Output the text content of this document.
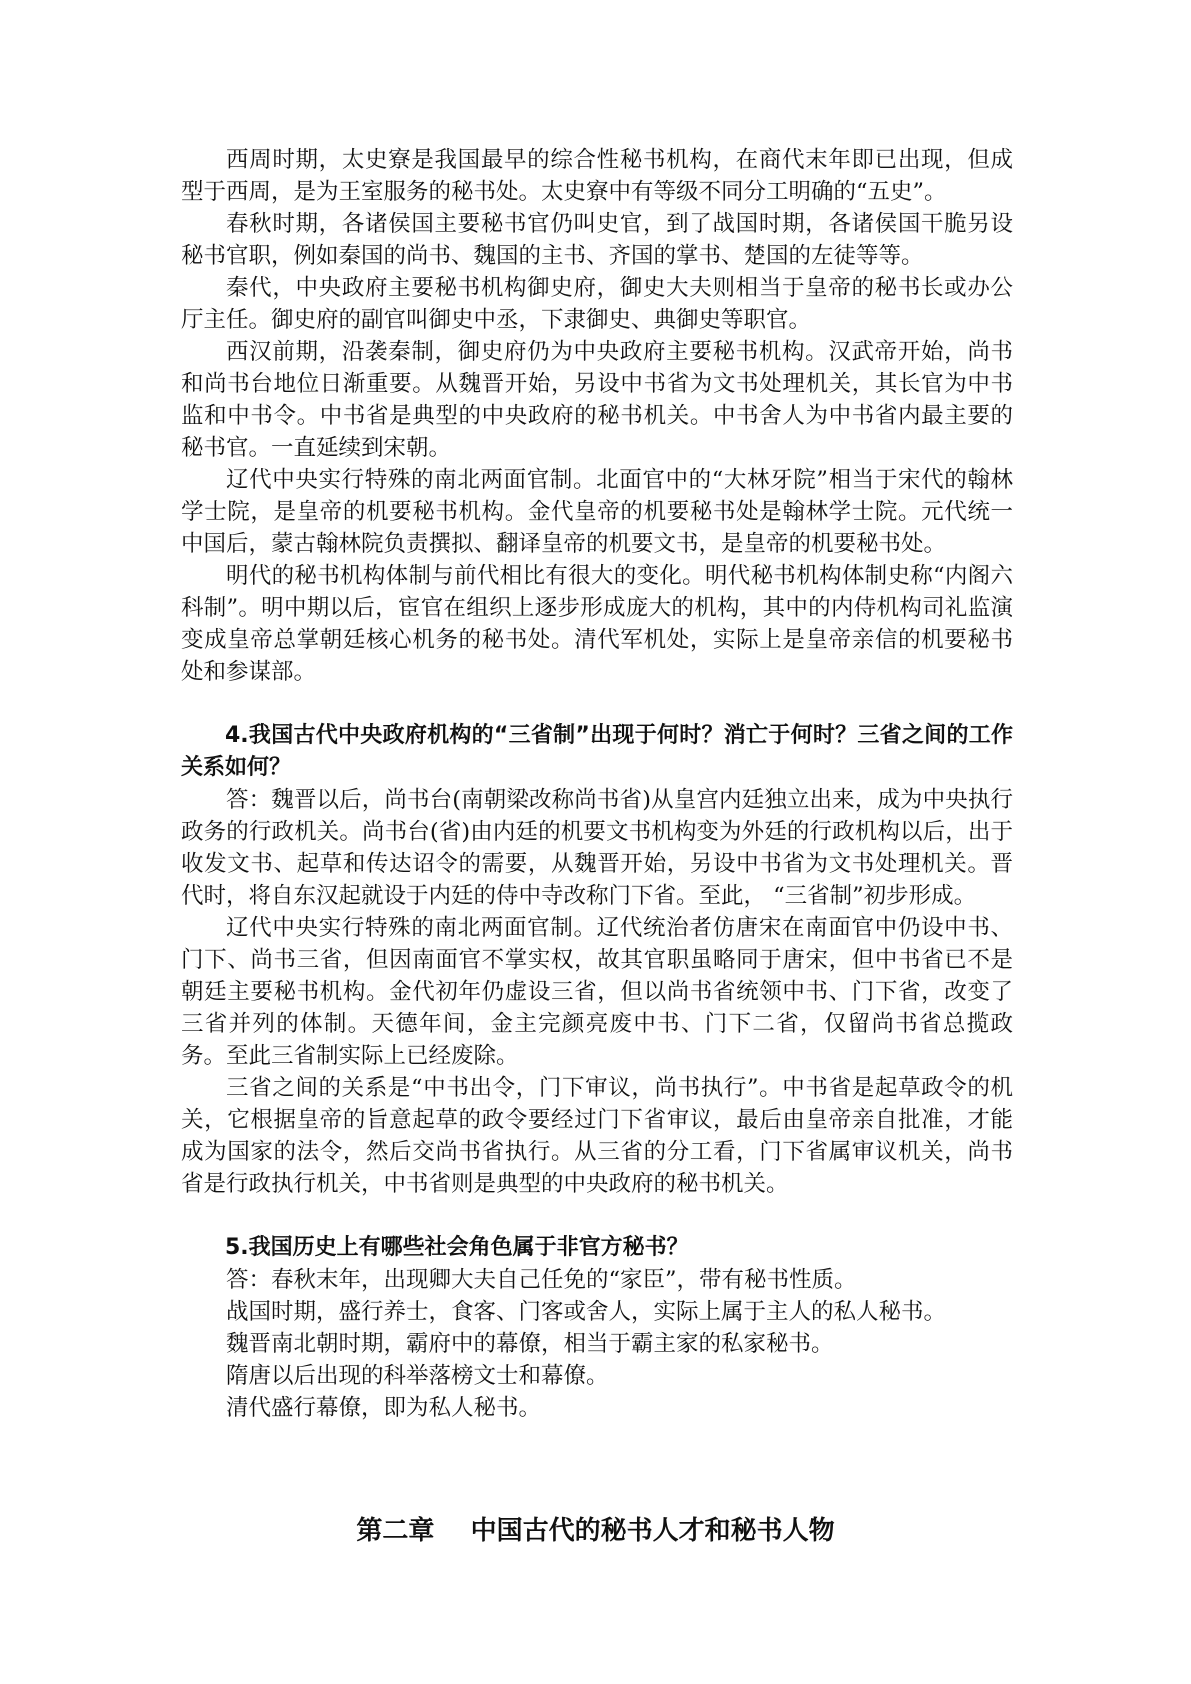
西周时期，太史寮是我国最早的综合性秘书机构，在商代末年即已出现，但成型于西周，是为王室服务的秘书处。太史寮中有等级不同分工明确的“五史”。

春秋时期，各诸侯国主要秘书官仍叫史官，到了战国时期，各诸侯国干脆另设秘书官职，例如秦国的尚书、魏国的主书、齐国的掌书、楚国的左徒等等。

秦代，中央政府主要秘书机构御史府，御史大夫则相当于皇帝的秘书长或办公厅主任。御史府的副官叫御史中丞，下隶御史、典御史等职官。

西汉前期，沿袭秦制，御史府仍为中央政府主要秘书机构。汉武帝开始，尚书和尚书台地位日渐重要。从魏晋开始，另设中书省为文书处理机关，其长官为中书监和中书令。中书省是典型的中央政府的秘书机关。中书舍人为中书省内最主要的秘书官。一直延续到宋朝。

辽代中央实行特殊的南北两面官制。北面官中的“大林牙院”相当于宋代的翰林学士院，是皇帝的机要秘书机构。金代皇帝的机要秘书处是翰林学士院。元代统一中国后，蒙古翰林院负责撰拟、翻译皇帝的机要文书，是皇帝的机要秘书处。

明代的秘书机构体制与前代相比有很大的变化。明代秘书机构体制史称“内阁六科制”。明中期以后，宦官在组织上逐步形成庞大的机构，其中的内侍机构司礼监演变成皇帝总掌朝廷核心机务的秘书处。清代军机处，实际上是皇帝亲信的机要秘书处和参谋部。

4.我国古代中央政府机构的“三省制”出现于何时？消亡于何时？三省之间的工作关系如何？

答：魏晋以后，尚书台(南朝梁改称尚书省)从皇宫内廷独立出来，成为中央执行政务的行政机关。尚书台(省)由内廷的机要文书机构变为外廷的行政机构以后，出于收发文书、起草和传达诏令的需要，从魏晋开始，另设中书省为文书处理机关。晋代时，将自东汉起就设于内廷的侍中寺改称门下省。至此， “三省制”初步形成。

辽代中央实行特殊的南北两面官制。辽代统治者仿唐宋在南面官中仍设中书、门下、尚书三省，但因南面官不掌实权，故其官职虽略同于唐宋，但中书省已不是朝廷主要秘书机构。金代初年仍虚设三省，但以尚书省统领中书、门下省，改变了三省并列的体制。天德年间，金主完颜亮废中书、门下二省，仅留尚书省总揽政务。至此三省制实际上已经废除。

三省之间的关系是“中书出令，门下审议，尚书执行”。中书省是起草政令的机关，它根据皇帝的旨意起草的政令要经过门下省审议，最后由皇帝亲自批准，才能成为国家的法令，然后交尚书省执行。从三省的分工看，门下省属审议机关，尚书省是行政执行机关，中书省则是典型的中央政府的秘书机关。

5.我国历史上有哪些社会角色属于非官方秘书？

答：春秋末年，出现卿大夫自己任免的“家臣”，带有秘书性质。

战国时期，盛行养士，食客、门客或舍人，实际上属于主人的私人秘书。

魏晋南北朝时期，霸府中的幕僚，相当于霸主家的私家秘书。

隋唐以后出现的科举落榜文士和幕僚。

清代盛行幕僚，即为私人秘书。

第二章    中国古代的秘书人才和秘书人物
